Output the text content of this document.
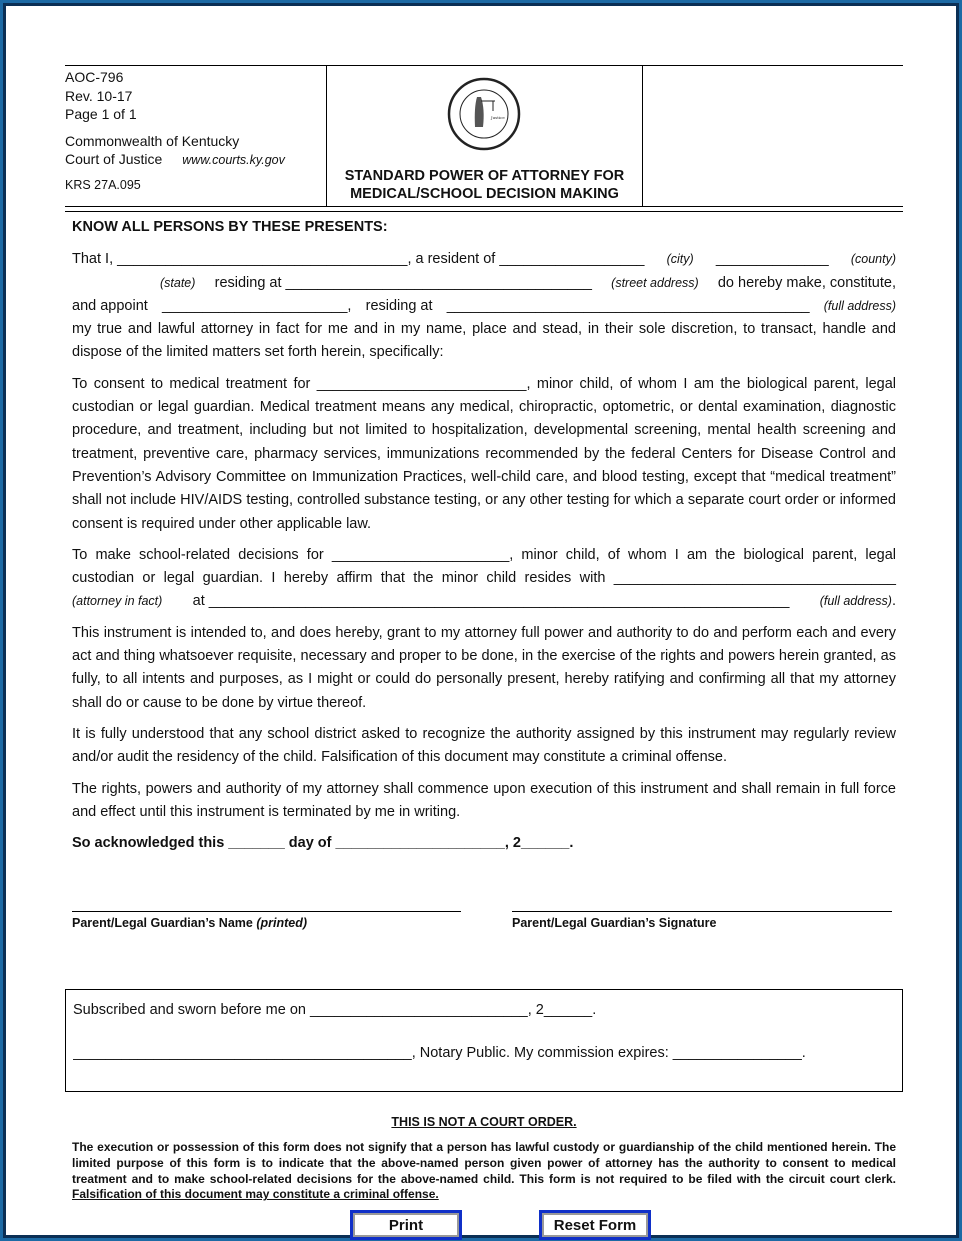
AOC-796
Rev. 10-17
Page 1 of 1
Commonwealth of Kentucky
Court of Justice www.courts.ky.gov
KRS 27A.095
Justice
STANDARD POWER OF ATTORNEY FOR
MEDICAL/SCHOOL DECISION MAKING
KNOW ALL PERSONS BY THESE PRESENTS:
That I, ____________________________________, a resident of __________________ (city) ______________ (county)
(state) residing at ______________________________________ (street address) do hereby make, constitute,
and appoint _______________________, residing at _____________________________________________ (full address)

my true and lawful attorney in fact for me and in my name, place and stead, in their sole discretion, to transact, handle and dispose of the limited matters set forth herein, specifically:

To consent to medical treatment for __________________________, minor child, of whom I am the biological parent, legal custodian or legal guardian. Medical treatment means any medical, chiropractic, optometric, or dental examination, diagnostic procedure, and treatment, including but not limited to hospitalization, developmental screening, mental health screening and treatment, preventive care, pharmacy services, immunizations recommended by the federal Centers for Disease Control and Prevention’s Advisory Committee on Immunization Practices, well-child care, and blood testing, except that “medical treatment” shall not include HIV/AIDS testing, controlled substance testing, or any other testing for which a separate court order or informed consent is required under other applicable law.

To make school-related decisions for ______________________, minor child, of whom I am the biological parent, legal custodian or legal guardian. I hereby affirm that the minor child resides with ___________________________________

(attorney in fact) at ________________________________________________________________________ (full address).

This instrument is intended to, and does hereby, grant to my attorney full power and authority to do and perform each and every act and thing whatsoever requisite, necessary and proper to be done, in the exercise of the rights and powers herein granted, as fully, to all intents and purposes, as I might or could do personally present, hereby ratifying and confirming all that my attorney shall do or cause to be done by virtue thereof.

It is fully understood that any school district asked to recognize the authority assigned by this instrument may regularly review and/or audit the residency of the child. Falsification of this document may constitute a criminal offense.

The rights, powers and authority of my attorney shall commence upon execution of this instrument and shall remain in full force and effect until this instrument is terminated by me in writing.

So acknowledged this _______ day of _____________________, 2______.
Parent/Legal Guardian’s Name (printed)	Parent/Legal Guardian’s Signature
Subscribed and sworn before me on ___________________________, 2______.
__________________________________________, Notary Public. My commission expires: ________________.
THIS IS NOT A COURT ORDER.
The execution or possession of this form does not signify that a person has lawful custody or guardianship of the child mentioned herein. The limited purpose of this form is to indicate that the above-named person given power of attorney has the authority to consent to medical treatment and to make school-related decisions for the above-named child. This form is not required to be filed with the circuit court clerk. Falsification of this document may constitute a criminal offense.
Print	Reset Form
